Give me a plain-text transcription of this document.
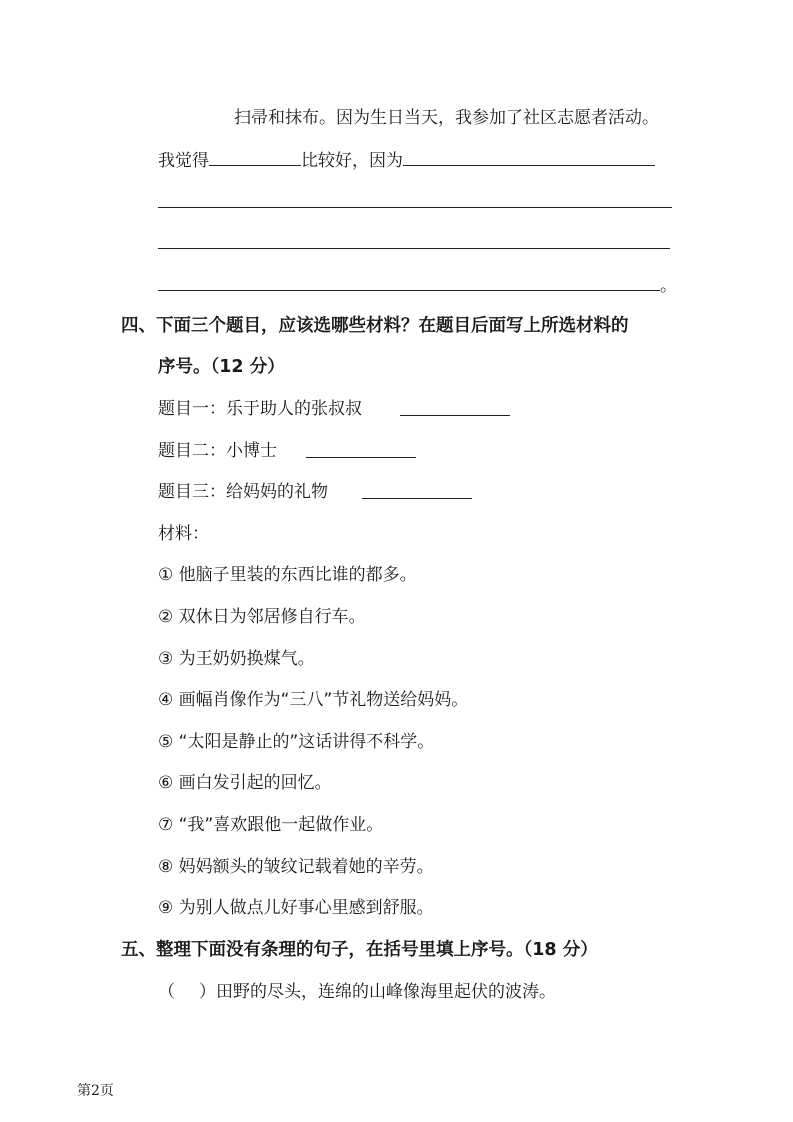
扫帚和抹布。因为生日当天，我参加了社区志愿者活动。
我觉得	比较好，因为
。
四、下面三个题目，应该选哪些材料？在题目后面写上所选材料的
序号。（12 分）
题目一：乐于助人的张叔叔
题目二：小博士
题目三：给妈妈的礼物
材料：
① 他脑子里装的东西比谁的都多。
② 双休日为邻居修自行车。
③ 为王奶奶换煤气。
④ 画幅肖像作为“三八”节礼物送给妈妈。
⑤ “太阳是静止的”这话讲得不科学。
⑥ 画白发引起的回忆。
⑦ “我”喜欢跟他一起做作业。
⑧ 妈妈额头的皱纹记载着她的辛劳。
⑨ 为别人做点儿好事心里感到舒服。
五、整理下面没有条理的句子，在括号里填上序号。（18 分）
（ ）田野的尽头，连绵的山峰像海里起伏的波涛。
第2页
